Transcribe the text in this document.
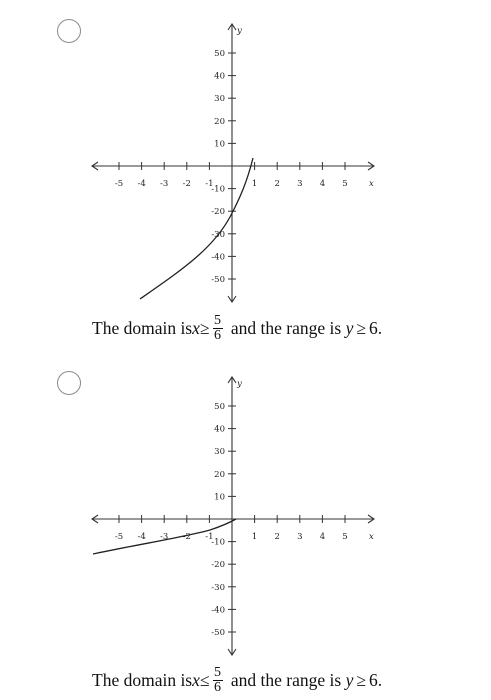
-5 -4 -3 -2 -1	1 2 3 4 5
50
40
30
20
10
-10
-20
-30
-40
-50
y
x
The domain is $x \ge \frac{5}{6}$ and the range is y ≥ 6.
-5 -4 -3 -2 -1	1 2 3 4 5
50
40
30
20
10
-10
-20
-30
-40
-50
y
x
The domain is $x \le \frac{5}{6}$ and the range is y ≥ 6.
